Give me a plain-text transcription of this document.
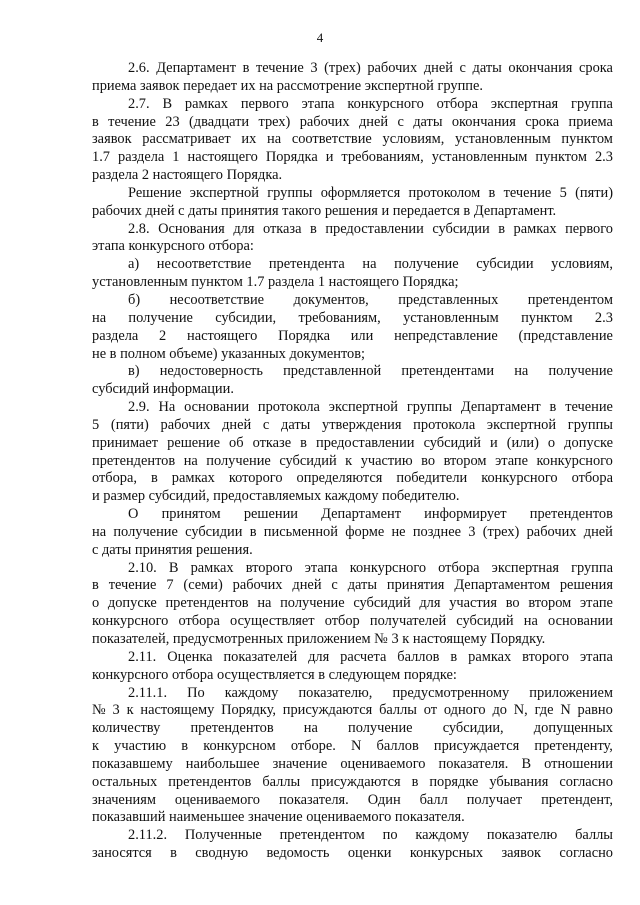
4
2.6. Департамент в течение 3 (трех) рабочих дней с даты окончания срока
приема заявок передает их на рассмотрение экспертной группе.
2.7. В рамках первого этапа конкурсного отбора экспертная группа
в течение 23 (двадцати трех) рабочих дней с даты окончания срока приема
заявок рассматривает их на соответствие условиям, установленным пунктом
1.7 раздела 1 настоящего Порядка и требованиям, установленным пунктом 2.3
раздела 2 настоящего Порядка.
Решение экспертной группы оформляется протоколом в течение 5 (пяти)
рабочих дней с даты принятия такого решения и передается в Департамент.
2.8. Основания для отказа в предоставлении субсидии в рамках первого
этапа конкурсного отбора:
а) несоответствие претендента на получение субсидии условиям,
установленным пунктом 1.7 раздела 1 настоящего Порядка;
б) несоответствие документов, представленных претендентом
на получение субсидии, требованиям, установленным пунктом 2.3
раздела 2 настоящего Порядка или непредставление (представление
не в полном объеме) указанных документов;
в) недостоверность представленной претендентами на получение
субсидий информации.
2.9. На основании протокола экспертной группы Департамент в течение
5 (пяти) рабочих дней с даты утверждения протокола экспертной группы
принимает решение об отказе в предоставлении субсидий и (или) о допуске
претендентов на получение субсидий к участию во втором этапе конкурсного
отбора, в рамках которого определяются победители конкурсного отбора
и размер субсидий, предоставляемых каждому победителю.
О принятом решении Департамент информирует претендентов
на получение субсидии в письменной форме не позднее 3 (трех) рабочих дней
с даты принятия решения.
2.10. В рамках второго этапа конкурсного отбора экспертная группа
в течение 7 (семи) рабочих дней с даты принятия Департаментом решения
о допуске претендентов на получение субсидий для участия во втором этапе
конкурсного отбора осуществляет отбор получателей субсидий на основании
показателей, предусмотренных приложением № 3 к настоящему Порядку.
2.11. Оценка показателей для расчета баллов в рамках второго этапа
конкурсного отбора осуществляется в следующем порядке:
2.11.1. По каждому показателю, предусмотренному приложением
№ 3 к настоящему Порядку, присуждаются баллы от одного до N, где N равно
количеству претендентов на получение субсидии, допущенных
к участию в конкурсном отборе. N баллов присуждается претенденту,
показавшему наибольшее значение оцениваемого показателя. В отношении
остальных претендентов баллы присуждаются в порядке убывания согласно
значениям оцениваемого показателя. Один балл получает претендент,
показавший наименьшее значение оцениваемого показателя.
2.11.2. Полученные претендентом по каждому показателю баллы
заносятся в сводную ведомость оценки конкурсных заявок согласно
